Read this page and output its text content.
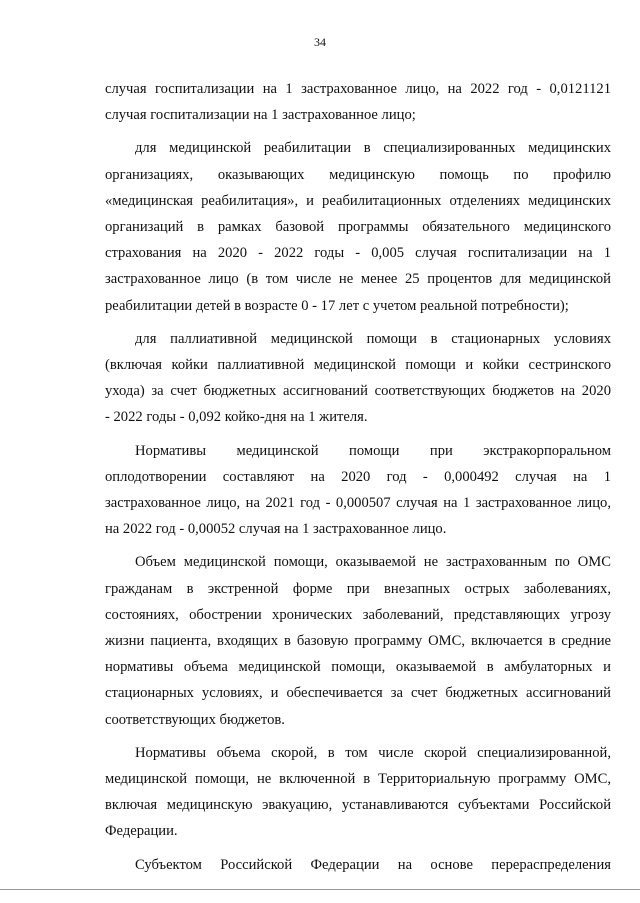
34

случая госпитализации на 1 застрахованное лицо, на 2022 год - 0,0121121

случая госпитализации на 1 застрахованное лицо;

для медицинской реабилитации в специализированных медицинских

организациях, оказывающих медицинскую помощь по профилю

«медицинская реабилитация», и реабилитационных отделениях медицинских

организаций в рамках базовой программы обязательного медицинского

страхования на 2020 - 2022 годы - 0,005 случая госпитализации на 1

застрахованное лицо (в том числе не менее 25 процентов для медицинской

реабилитации детей в возрасте 0 - 17 лет с учетом реальной потребности);

для паллиативной медицинской помощи в стационарных условиях

(включая койки паллиативной медицинской помощи и койки сестринского

ухода) за счет бюджетных ассигнований соответствующих бюджетов на 2020

- 2022 годы - 0,092 койко-дня на 1 жителя.

Нормативы медицинской помощи при экстракорпоральном

оплодотворении составляют на 2020 год - 0,000492 случая на 1

застрахованное лицо, на 2021 год - 0,000507 случая на 1 застрахованное лицо,

на 2022 год - 0,00052 случая на 1 застрахованное лицо.

Объем медицинской помощи, оказываемой не застрахованным по ОМС

гражданам в экстренной форме при внезапных острых заболеваниях,

состояниях, обострении хронических заболеваний, представляющих угрозу

жизни пациента, входящих в базовую программу ОМС, включается в средние

нормативы объема медицинской помощи, оказываемой в амбулаторных и

стационарных условиях, и обеспечивается за счет бюджетных ассигнований

соответствующих бюджетов.

Нормативы объема скорой, в том числе скорой специализированной,

медицинской помощи, не включенной в Территориальную программу ОМС,

включая медицинскую эвакуацию, устанавливаются субъектами Российской

Федерации.

Субъектом Российской Федерации на основе перераспределения
